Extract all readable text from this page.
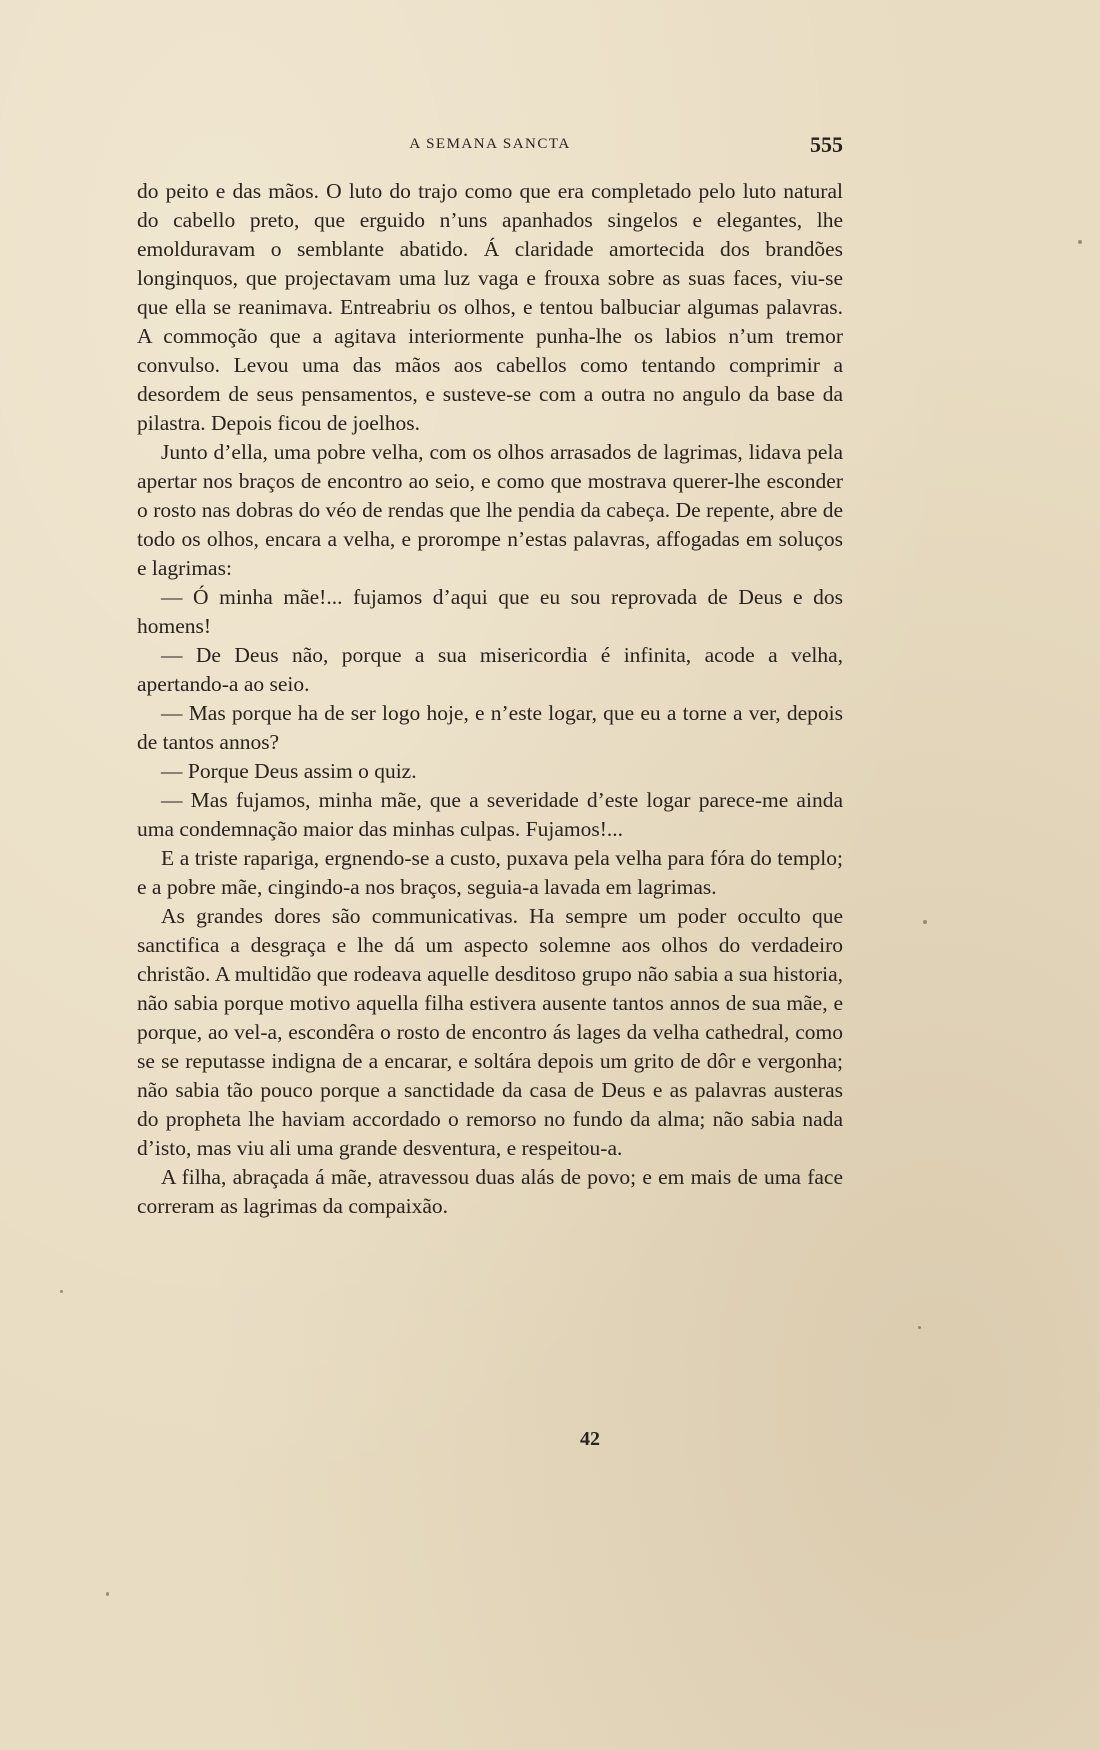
A SEMANA SANCTA	555

do peito e das mãos. O luto do trajo como que era completado pelo luto natural do cabello preto, que erguido n’uns apanhados singelos e elegantes, lhe emolduravam o semblante abatido. Á claridade amortecida dos brandões longinquos, que projectavam uma luz vaga e frouxa sobre as suas faces, viu-se que ella se reanimava. Entreabriu os olhos, e tentou balbuciar algumas palavras. A commoção que a agitava interiormente punha-lhe os labios n’um tremor convulso. Levou uma das mãos aos cabellos como tentando comprimir a desordem de seus pensamentos, e susteve-se com a outra no angulo da base da pilastra. Depois ficou de joelhos.

Junto d’ella, uma pobre velha, com os olhos arrasados de lagrimas, lidava pela apertar nos braços de encontro ao seio, e como que mostrava querer-lhe esconder o rosto nas dobras do véo de rendas que lhe pendia da cabeça. De repente, abre de todo os olhos, encara a velha, e prorompe n’estas palavras, affogadas em soluços e lagrimas:

— Ó minha mãe!... fujamos d’aqui que eu sou reprovada de Deus e dos homens!

— De Deus não, porque a sua misericordia é infinita, acode a velha, apertando-a ao seio.

— Mas porque ha de ser logo hoje, e n’este logar, que eu a torne a ver, depois de tantos annos?

— Porque Deus assim o quiz.

— Mas fujamos, minha mãe, que a severidade d’este logar parece-me ainda uma condemnação maior das minhas culpas. Fujamos!...

E a triste rapariga, ergnendo-se a custo, puxava pela velha para fóra do templo; e a pobre mãe, cingindo-a nos braços, seguia-a lavada em lagrimas.

As grandes dores são communicativas. Ha sempre um poder occulto que sanctifica a desgraça e lhe dá um aspecto solemne aos olhos do verdadeiro christão. A multidão que rodeava aquelle desditoso grupo não sabia a sua historia, não sabia porque motivo aquella filha estivera ausente tantos annos de sua mãe, e porque, ao vel-a, escondêra o rosto de encontro ás lages da velha cathedral, como se se reputasse indigna de a encarar, e soltára depois um grito de dôr e vergonha; não sabia tão pouco porque a sanctidade da casa de Deus e as palavras austeras do propheta lhe haviam accordado o remorso no fundo da alma; não sabia nada d’isto, mas viu ali uma grande desventura, e respeitou-a.

A filha, abraçada á mãe, atravessou duas alás de povo; e em mais de uma face correram as lagrimas da compaixão.

42
